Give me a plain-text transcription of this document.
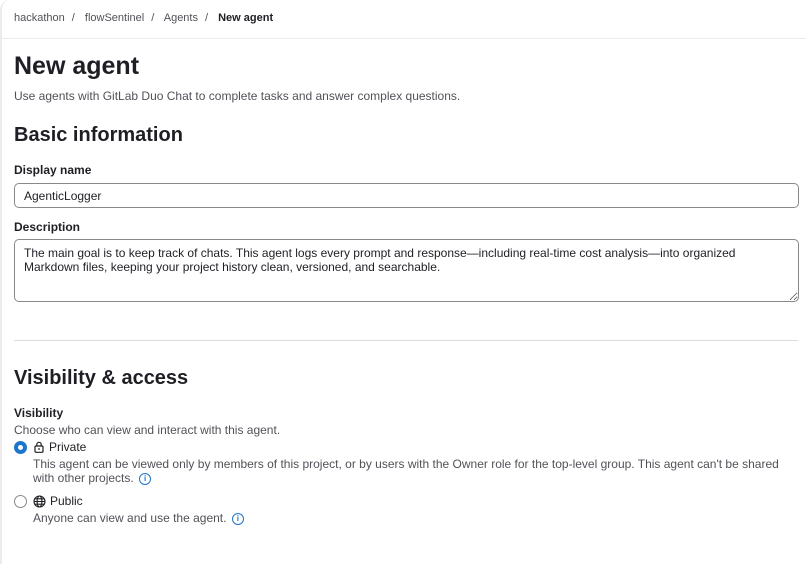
hackathon / flowSentinel / Agents / New agent
New agent

Use agents with GitLab Duo Chat to complete tasks and answer complex questions.

Basic information
Display name
AgenticLogger
Description
The main goal is to keep track of chats. This agent logs every prompt and response—including real-time cost analysis—into organized Markdown files, keeping your project history clean, versioned, and searchable.
Visibility & access
Visibility

Choose who can view and interact with this agent.

Private

This agent can be viewed only by members of this project, or by users with the Owner role for the top-level group. This agent can't be shared with other projects. i

Public

Anyone can view and use the agent. i
